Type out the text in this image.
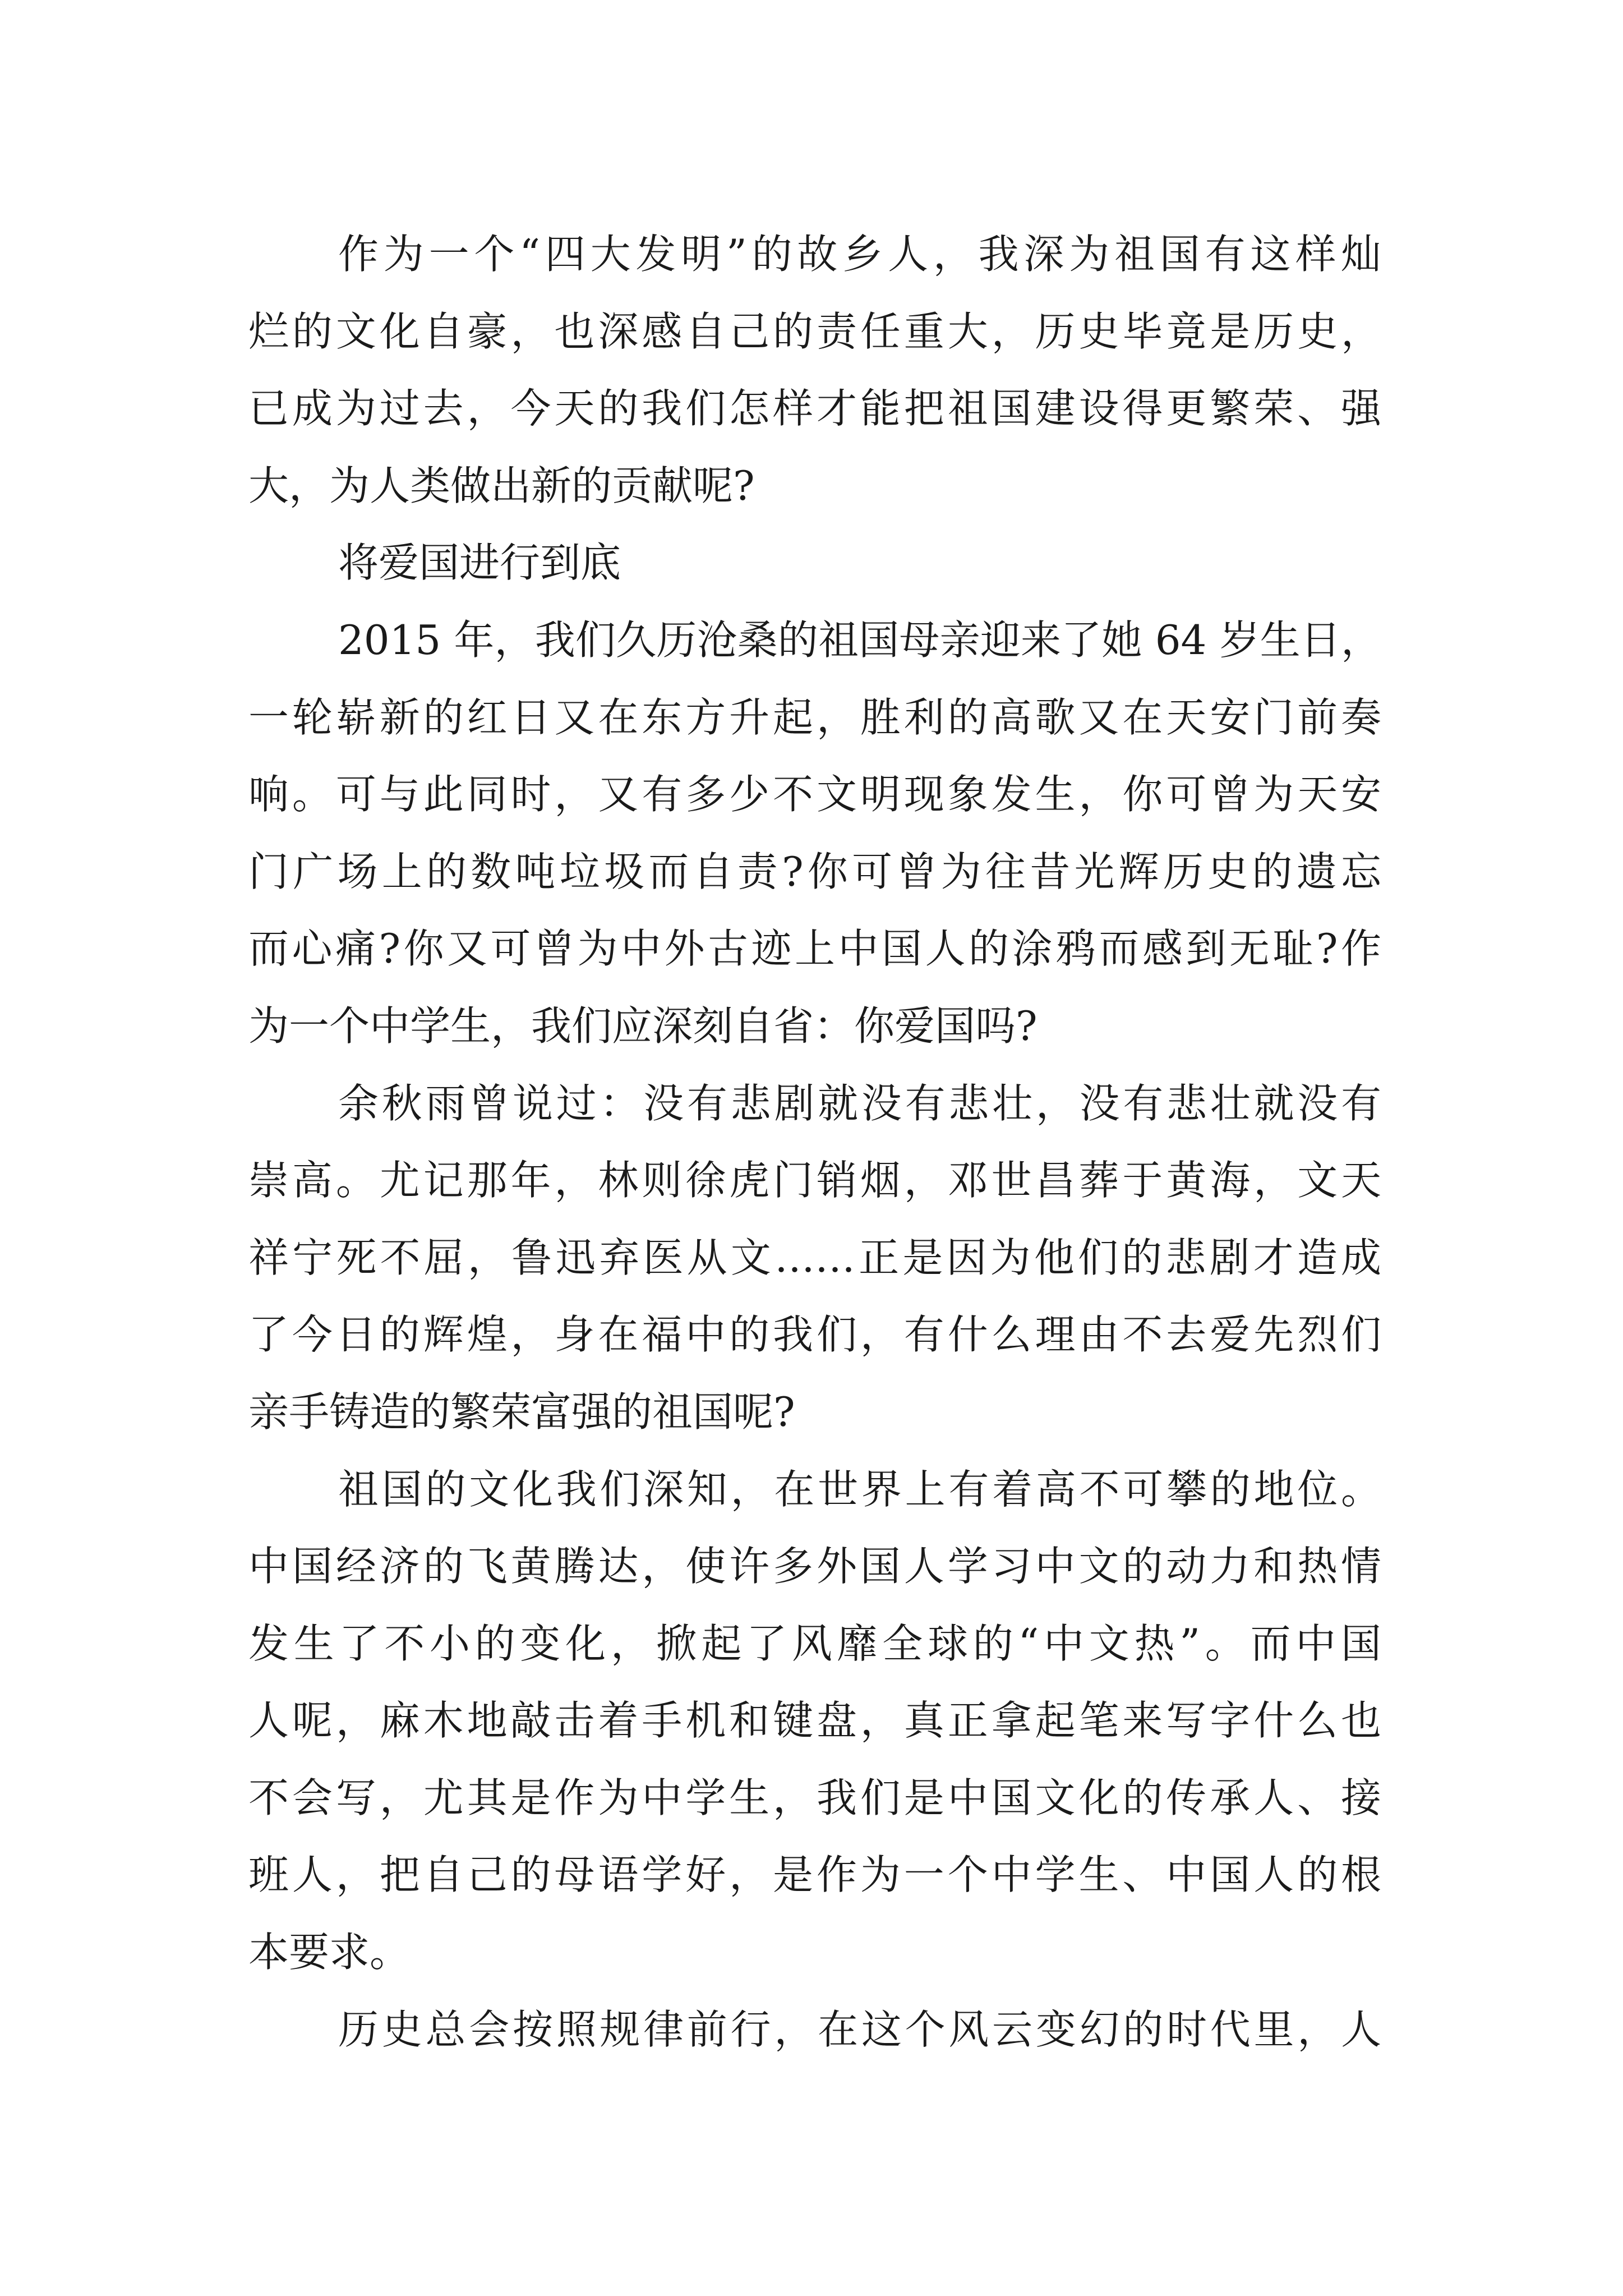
作为一个“四大发明”的故乡人，我深为祖国有这样灿
烂的文化自豪，也深感自己的责任重大，历史毕竟是历史，
已成为过去，今天的我们怎样才能把祖国建设得更繁荣、强
大，为人类做出新的贡献呢?
将爱国进行到底
2015 年，我们久历沧桑的祖国母亲迎来了她 64 岁生日，
一轮崭新的红日又在东方升起，胜利的高歌又在天安门前奏
响。可与此同时，又有多少不文明现象发生，你可曾为天安
门广场上的数吨垃圾而自责?你可曾为往昔光辉历史的遗忘
而心痛?你又可曾为中外古迹上中国人的涂鸦而感到无耻?作
为一个中学生，我们应深刻自省：你爱国吗?
余秋雨曾说过：没有悲剧就没有悲壮，没有悲壮就没有
崇高。尤记那年，林则徐虎门销烟，邓世昌葬于黄海，文天
祥宁死不屈，鲁迅弃医从文……正是因为他们的悲剧才造成
了今日的辉煌，身在福中的我们，有什么理由不去爱先烈们
亲手铸造的繁荣富强的祖国呢?
祖国的文化我们深知，在世界上有着高不可攀的地位。
中国经济的飞黄腾达，使许多外国人学习中文的动力和热情
发生了不小的变化，掀起了风靡全球的“中文热”。而中国
人呢，麻木地敲击着手机和键盘，真正拿起笔来写字什么也
不会写，尤其是作为中学生，我们是中国文化的传承人、接
班人，把自己的母语学好，是作为一个中学生、中国人的根
本要求。
历史总会按照规律前行，在这个风云变幻的时代里，人
